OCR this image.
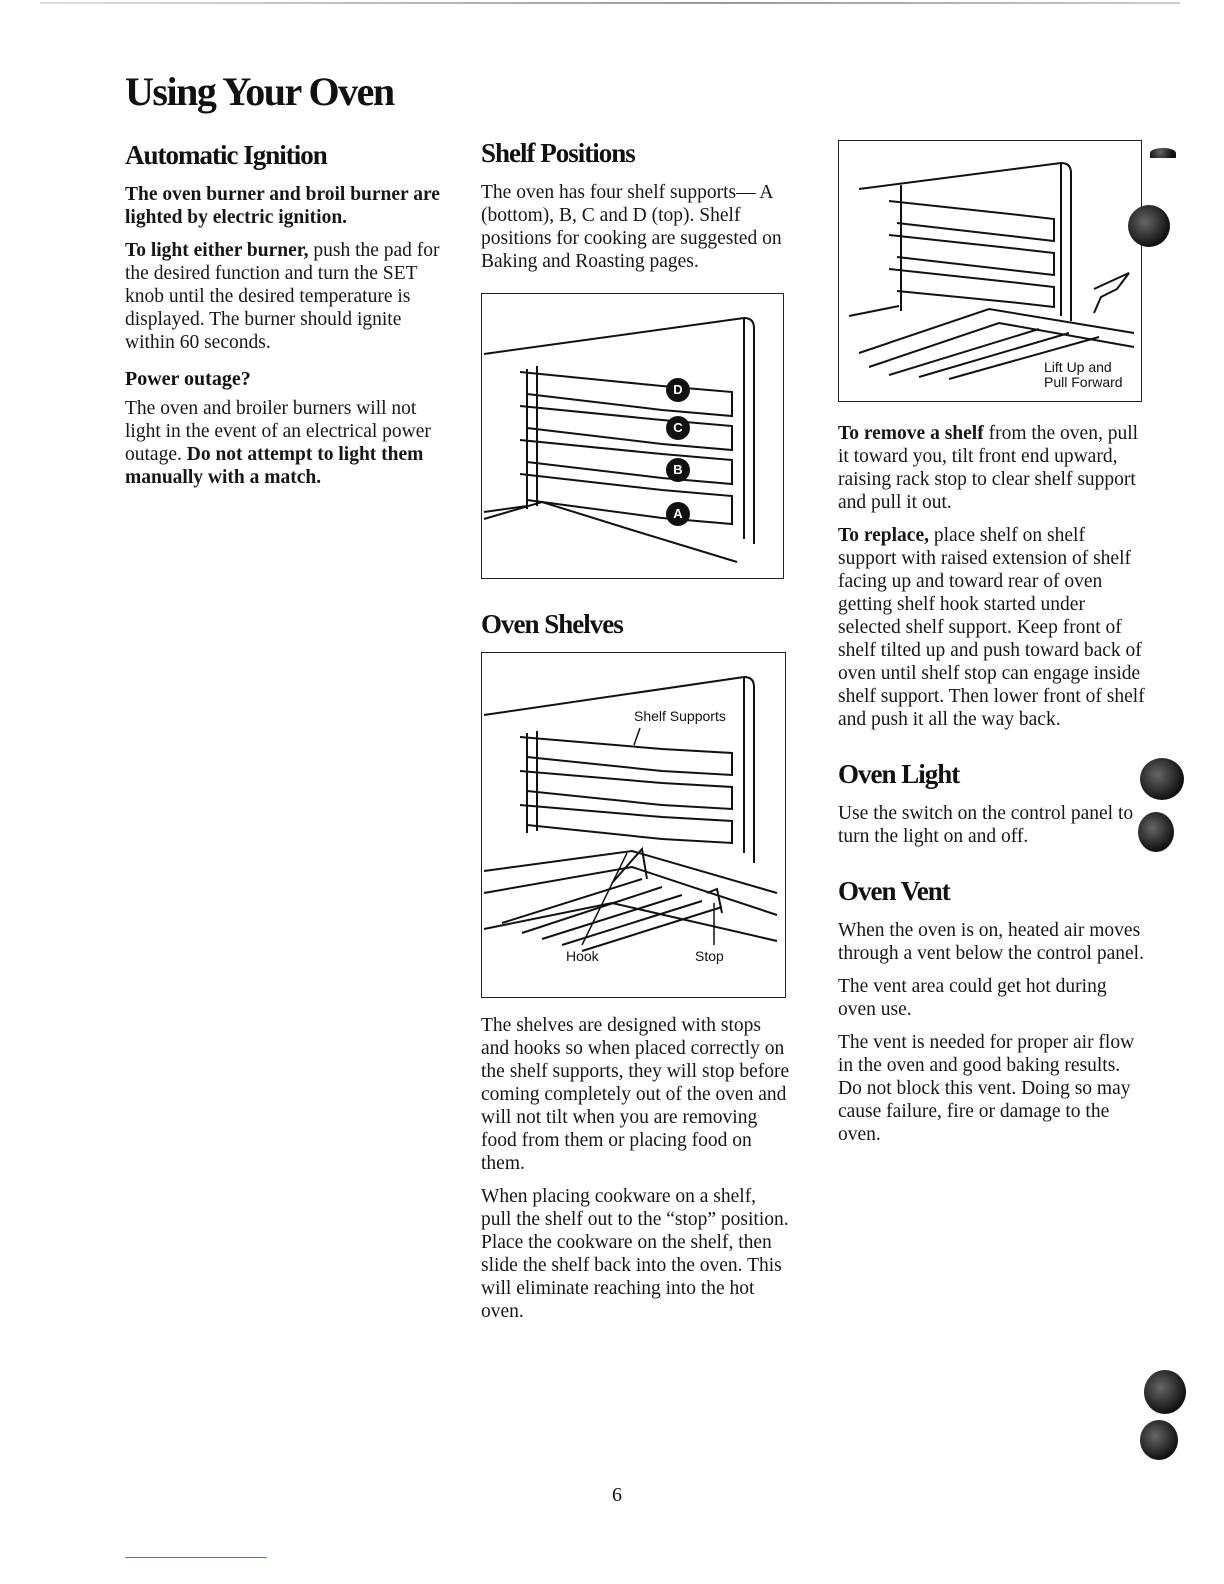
Using Your Oven
Automatic Ignition

The oven burner and broil burner are lighted by electric ignition.

To light either burner, push the pad for the desired function and turn the SET knob until the desired temperature is displayed. The burner should ignite within 60 seconds.

Power outage?

The oven and broiler burners will not light in the event of an electrical power outage. Do not attempt to light them manually with a match.

Shelf Positions

The oven has four shelf supports— A (bottom), B, C and D (top). Shelf positions for cooking are suggested on Baking and Roasting pages.

D
C
B
A
Oven Shelves
Shelf Supports
Hook	Stop

The shelves are designed with stops and hooks so when placed correctly on the shelf supports, they will stop before coming completely out of the oven and will not tilt when you are removing food from them or placing food on them.

When placing cookware on a shelf, pull the shelf out to the “stop” position. Place the cookware on the shelf, then slide the shelf back into the oven. This will eliminate reaching into the hot oven.

Lift Up and
Pull Forward

To remove a shelf from the oven, pull it toward you, tilt front end upward, raising rack stop to clear shelf support and pull it out.

To replace, place shelf on shelf support with raised extension of shelf facing up and toward rear of oven getting shelf hook started under selected shelf support. Keep front of shelf tilted up and push toward back of oven until shelf stop can engage inside shelf support. Then lower front of shelf and push it all the way back.

Oven Light

Use the switch on the control panel to turn the light on and off.

Oven Vent

When the oven is on, heated air moves through a vent below the control panel.

The vent area could get hot during oven use.

The vent is needed for proper air flow in the oven and good baking results. Do not block this vent. Doing so may cause failure, fire or damage to the oven.

6
